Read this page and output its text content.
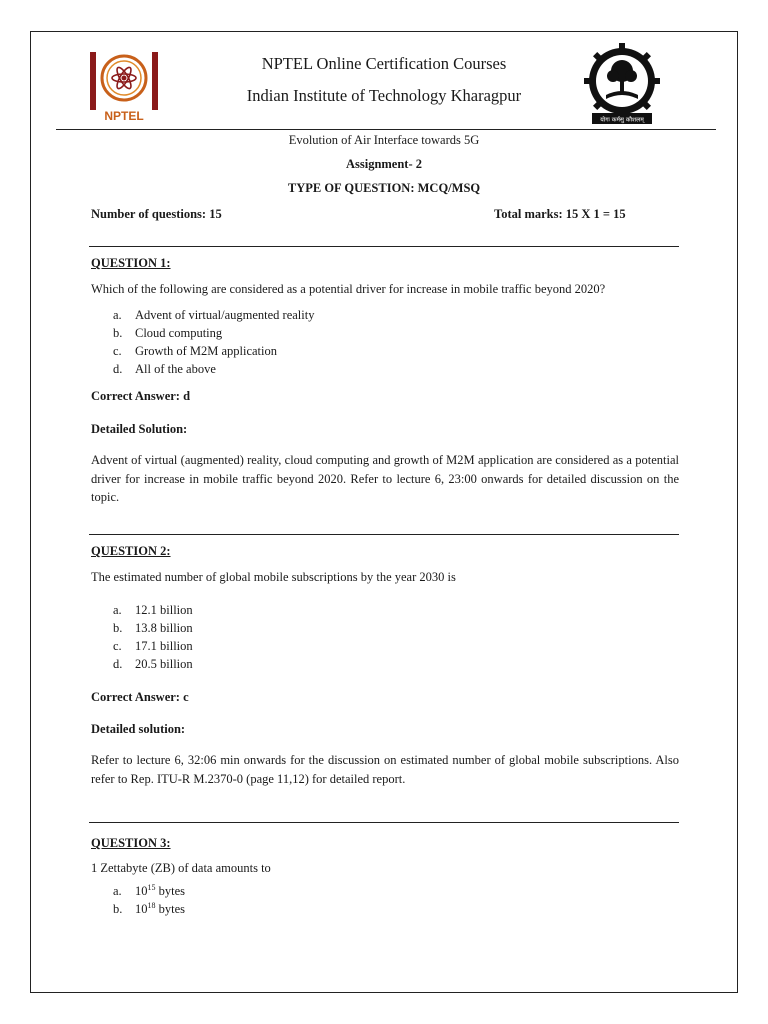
NPTEL	योगः कर्मसु कौशलम्
NPTEL Online Certification Courses
Indian Institute of Technology Kharagpur
Evolution of Air Interface towards 5G
Assignment- 2
TYPE OF QUESTION: MCQ/MSQ
Number of questions: 15	Total marks: 15 X 1 = 15
QUESTION 1:
Which of the following are considered as a potential driver for increase in mobile traffic beyond 2020?
a. Advent of virtual/augmented reality
b. Cloud computing
c. Growth of M2M application
d. All of the above
Correct Answer: d
Detailed Solution:
Advent of virtual (augmented) reality, cloud computing and growth of M2M application are considered as a potential driver for increase in mobile traffic beyond 2020. Refer to lecture 6, 23:00 onwards for detailed discussion on the topic.
QUESTION 2:
The estimated number of global mobile subscriptions by the year 2030 is
a. 12.1 billion
b. 13.8 billion
c. 17.1 billion
d. 20.5 billion
Correct Answer: c
Detailed solution:
Refer to lecture 6, 32:06 min onwards for the discussion on estimated number of global mobile subscriptions. Also refer to Rep. ITU-R M.2370-0 (page 11,12) for detailed report.
QUESTION 3:
1 Zettabyte (ZB) of data amounts to
a. $10^{15}$ bytes
b. $10^{18}$ bytes
